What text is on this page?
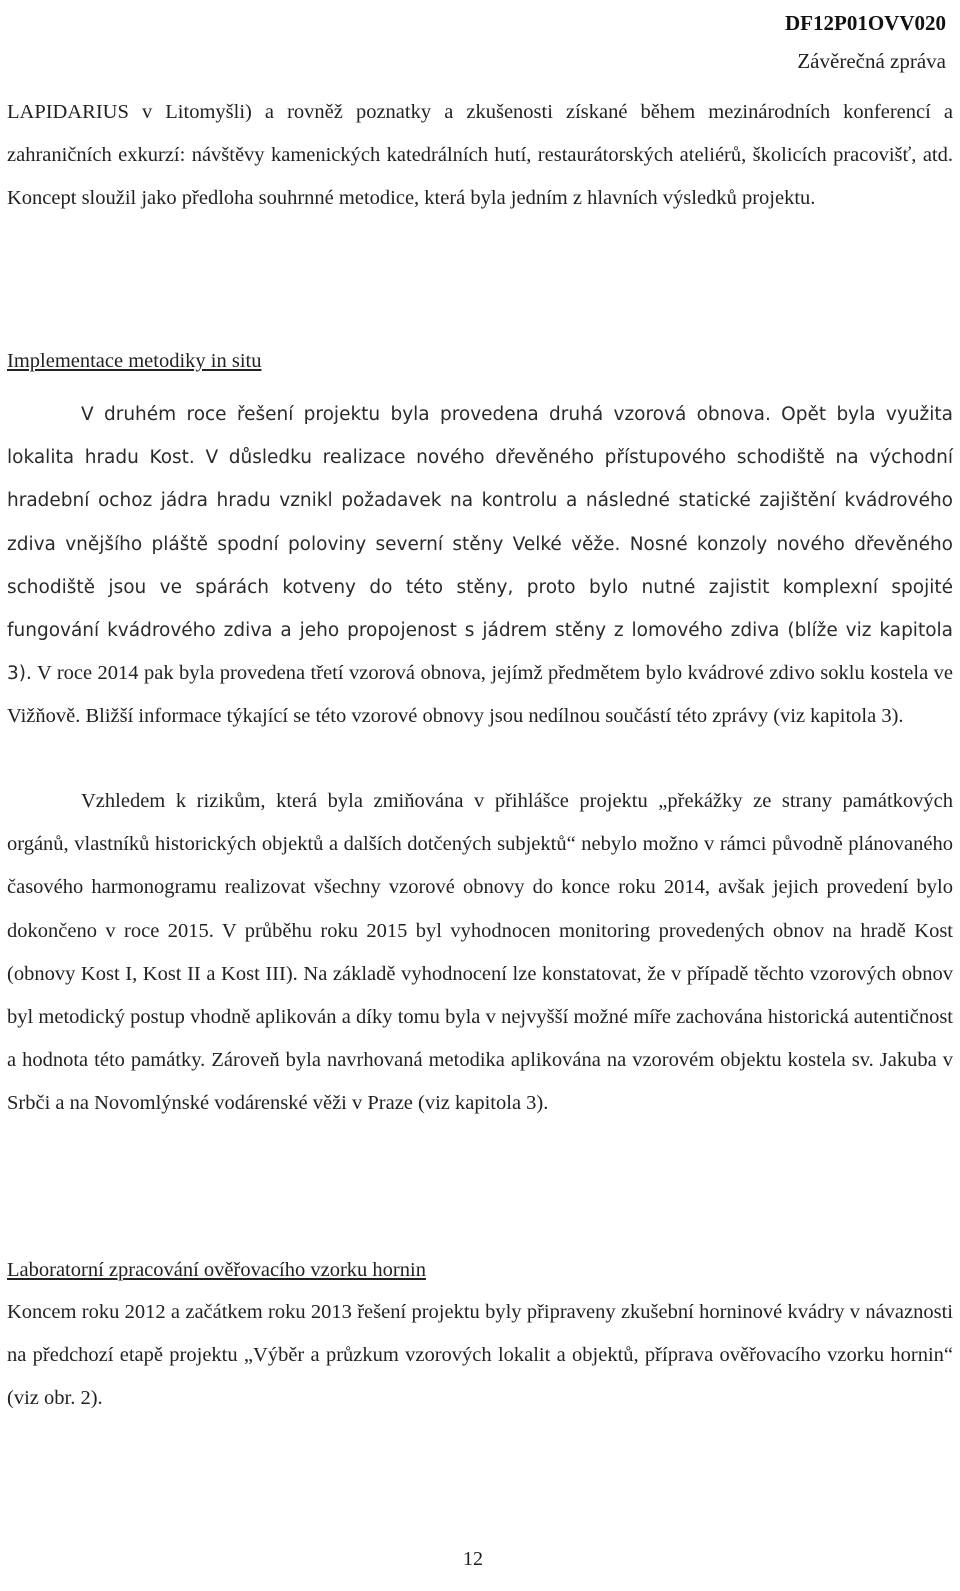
DF12P01OVV020
Závěrečná zpráva

LAPIDARIUS v Litomyšli) a rovněž poznatky a zkušenosti získané během mezinárodních konferencí a zahraničních exkurzí: návštěvy kamenických katedrálních hutí, restaurátorských ateliérů, školicích pracovišť, atd. Koncept sloužil jako předloha souhrnné metodice, která byla jedním z hlavních výsledků projektu.

Implementace metodiky in situ

V druhém roce řešení projektu byla provedena druhá vzorová obnova. Opět byla využita lokalita hradu Kost. V důsledku realizace nového dřevěného přístupového schodiště na východní hradební ochoz jádra hradu vznikl požadavek na kontrolu a následné statické zajištění kvádrového zdiva vnějšího pláště spodní poloviny severní stěny Velké věže. Nosné konzoly nového dřevěného schodiště jsou ve spárách kotveny do této stěny, proto bylo nutné zajistit komplexní spojité fungování kvádrového zdiva a jeho propojenost s jádrem stěny z lomového zdiva (blíže viz kapitola 3). V roce 2014 pak byla provedena třetí vzorová obnova, jejímž předmětem bylo kvádrové zdivo soklu kostela ve Vižňově. Bližší informace týkající se této vzorové obnovy jsou nedílnou součástí této zprávy (viz kapitola 3).

Vzhledem k rizikům, která byla zmiňována v přihlášce projektu „překážky ze strany památkových orgánů, vlastníků historických objektů a dalších dotčených subjektů“ nebylo možno v rámci původně plánovaného časového harmonogramu realizovat všechny vzorové obnovy do konce roku 2014, avšak jejich provedení bylo dokončeno v roce 2015. V průběhu roku 2015 byl vyhodnocen monitoring provedených obnov na hradě Kost (obnovy Kost I, Kost II a Kost III). Na základě vyhodnocení lze konstatovat, že v případě těchto vzorových obnov byl metodický postup vhodně aplikován a díky tomu byla v nejvyšší možné míře zachována historická autentičnost a hodnota této památky. Zároveň byla navrhovaná metodika aplikována na vzorovém objektu kostela sv. Jakuba v Srbči a na Novomlýnské vodárenské věži v Praze (viz kapitola 3).

Laboratorní zpracování ověřovacího vzorku hornin

Koncem roku 2012 a začátkem roku 2013 řešení projektu byly připraveny zkušební horninové kvádry v návaznosti na předchozí etapě projektu „Výběr a průzkum vzorových lokalit a objektů, příprava ověřovacího vzorku hornin“ (viz obr. 2).

12
